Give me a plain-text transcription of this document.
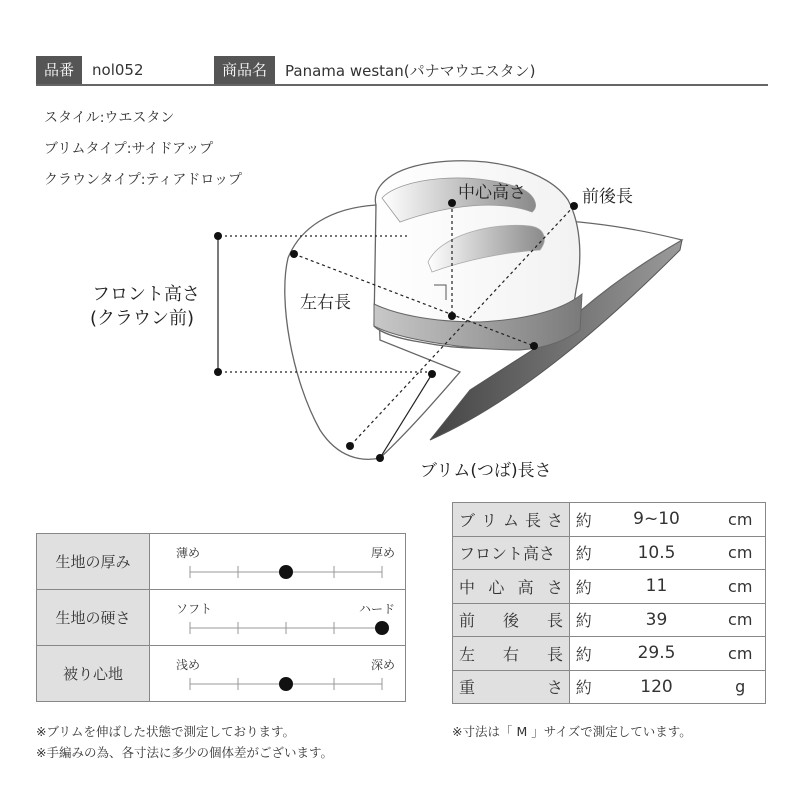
品番	nol052	商品名	Panama westan(パナマウエスタン)
スタイル:ウエスタン
ブリムタイプ:サイドアップ
クラウンタイプ:ティアドロップ
中心高さ	前後長
左右長
フロント高さ
(クラウン前)
ブリム(つば)長さ
生地の厚み	薄め 厚め

生地の硬さ	ソフト ハード

被り心地	浅め 深め
ブ リ ム 長 さ	約	9~10	cm

フロント高さ	約	10.5	cm

中 心 高 さ	約	11	cm

前 後 長	約	39	cm

左 右 長	約	29.5	cm

重 さ	約	120	g
※ブリムを伸ばした状態で測定しております。
※手編みの為、各寸法に多少の個体差がございます。
※寸法は「 M 」サイズで測定しています。
